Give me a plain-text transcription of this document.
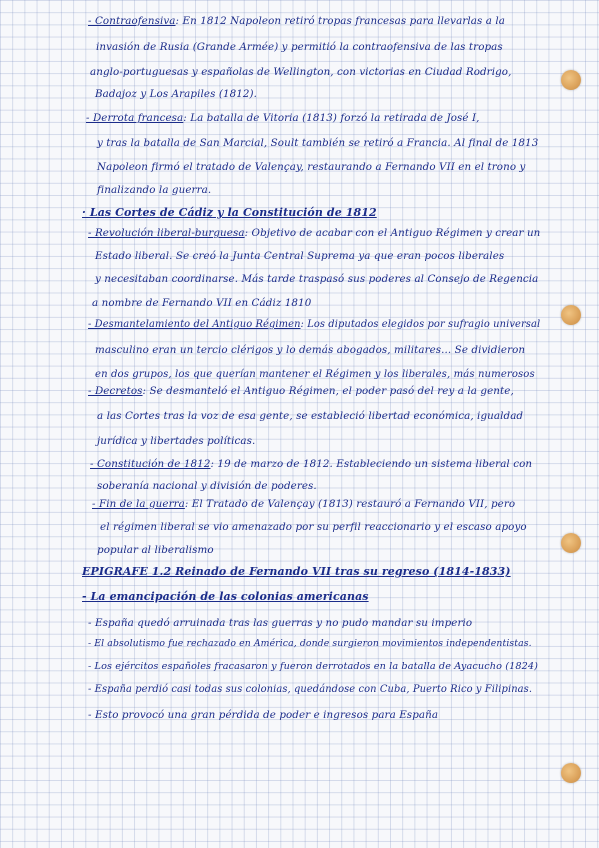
- Contraofensiva: En 1812 Napoleon retiró tropas francesas para llevarlas a la
invasión de Rusia (Grande Armée) y permitió la contraofensiva de las tropas
anglo-portuguesas y españolas de Wellington, con victorias en Ciudad Rodrigo,
Badajoz y Los Arapiles (1812).
- Derrota francesa: La batalla de Vitoria (1813) forzó la retirada de José I,
y tras la batalla de San Marcial, Soult también se retiró a Francia. Al final de 1813
Napoleon firmó el tratado de Valençay, restaurando a Fernando VII en el trono y
finalizando la guerra.
· Las Cortes de Cádiz y la Constitución de 1812
- Revolución liberal-burguesa: Objetivo de acabar con el Antiguo Régimen y crear un
Estado liberal. Se creó la Junta Central Suprema ya que eran pocos liberales
y necesitaban coordinarse. Más tarde traspasó sus poderes al Consejo de Regencia
a nombre de Fernando VII en Cádiz 1810
- Desmantelamiento del Antiguo Régimen: Los diputados elegidos por sufragio universal
masculino eran un tercio clérigos y lo demás abogados, militares... Se dividieron
en dos grupos, los que querían mantener el Régimen y los liberales, más numerosos
- Decretos: Se desmanteló el Antiguo Régimen, el poder pasó del rey a la gente,
a las Cortes tras la voz de esa gente, se estableció libertad económica, igualdad
jurídica y libertades políticas.
- Constitución de 1812: 19 de marzo de 1812. Estableciendo un sistema liberal con
soberanía nacional y división de poderes.
- Fin de la guerra: El Tratado de Valençay (1813) restauró a Fernando VII, pero
el régimen liberal se vio amenazado por su perfil reaccionario y el escaso apoyo
popular al liberalismo
EPIGRAFE 1.2 Reinado de Fernando VII tras su regreso (1814-1833)
- La emancipación de las colonias americanas
- España quedó arruinada tras las guerras y no pudo mandar su imperio
- El absolutismo fue rechazado en América, donde surgieron movimientos independentistas.
- Los ejércitos españoles fracasaron y fueron derrotados en la batalla de Ayacucho (1824)
- España perdió casi todas sus colonias, quedándose con Cuba, Puerto Rico y Filipinas.
- Esto provocó una gran pérdida de poder e ingresos para España
